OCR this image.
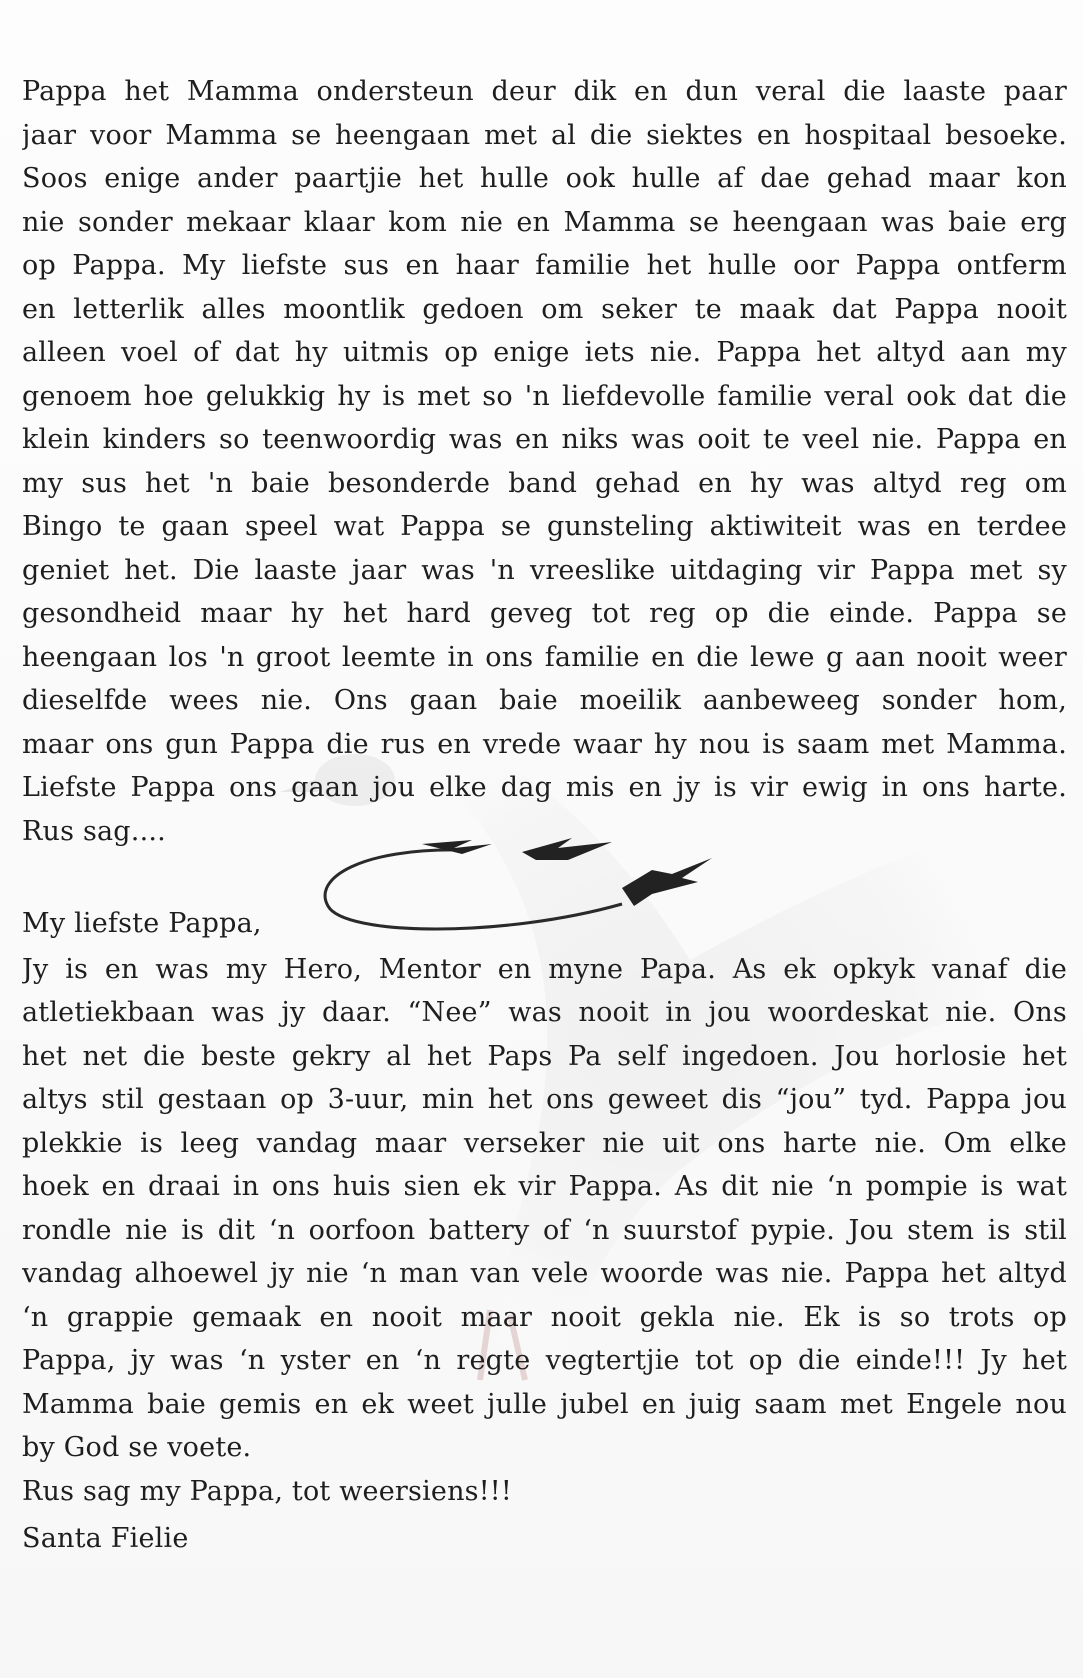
Pappa het Mamma ondersteun deur dik en dun veral die laaste paar
jaar voor Mamma se heengaan met al die siektes en hospitaal besoeke.
Soos enige ander paartjie het hulle ook hulle af dae gehad maar kon
nie sonder mekaar klaar kom nie en Mamma se heengaan was baie erg
op Pappa. My liefste sus en haar familie het hulle oor Pappa ontferm
en letterlik alles moontlik gedoen om seker te maak dat Pappa nooit
alleen voel of dat hy uitmis op enige iets nie. Pappa het altyd aan my
genoem hoe gelukkig hy is met so 'n liefdevolle familie veral ook dat die
klein kinders so teenwoordig was en niks was ooit te veel nie. Pappa en
my sus het 'n baie besonderde band gehad en hy was altyd reg om
Bingo te gaan speel wat Pappa se gunsteling aktiwiteit was en terdee
geniet het. Die laaste jaar was 'n vreeslike uitdaging vir Pappa met sy
gesondheid maar hy het hard geveg tot reg op die einde. Pappa se
heengaan los 'n groot leemte in ons familie en die lewe g aan nooit weer
dieselfde wees nie. Ons gaan baie moeilik aanbeweeg sonder hom,
maar ons gun Pappa die rus en vrede waar hy nou is saam met Mamma.
Liefste Pappa ons gaan jou elke dag mis en jy is vir ewig in ons harte.
Rus sag....
My liefste Pappa,
Jy is en was my Hero, Mentor en myne Papa. As ek opkyk vanaf die
atletiekbaan was jy daar. “Nee” was nooit in jou woordeskat nie. Ons
het net die beste gekry al het Paps Pa self ingedoen. Jou horlosie het
altys stil gestaan op 3-uur, min het ons geweet dis “jou” tyd. Pappa jou
plekkie is leeg vandag maar verseker nie uit ons harte nie. Om elke
hoek en draai in ons huis sien ek vir Pappa. As dit nie ‘n pompie is wat
rondle nie is dit ‘n oorfoon battery of ‘n suurstof pypie. Jou stem is stil
vandag alhoewel jy nie ‘n man van vele woorde was nie. Pappa het altyd
‘n grappie gemaak en nooit maar nooit gekla nie. Ek is so trots op
Pappa, jy was ‘n yster en ‘n regte vegtertjie tot op die einde!!! Jy het
Mamma baie gemis en ek weet julle jubel en juig saam met Engele nou
by God se voete.
Rus sag my Pappa, tot weersiens!!!
Santa Fielie
